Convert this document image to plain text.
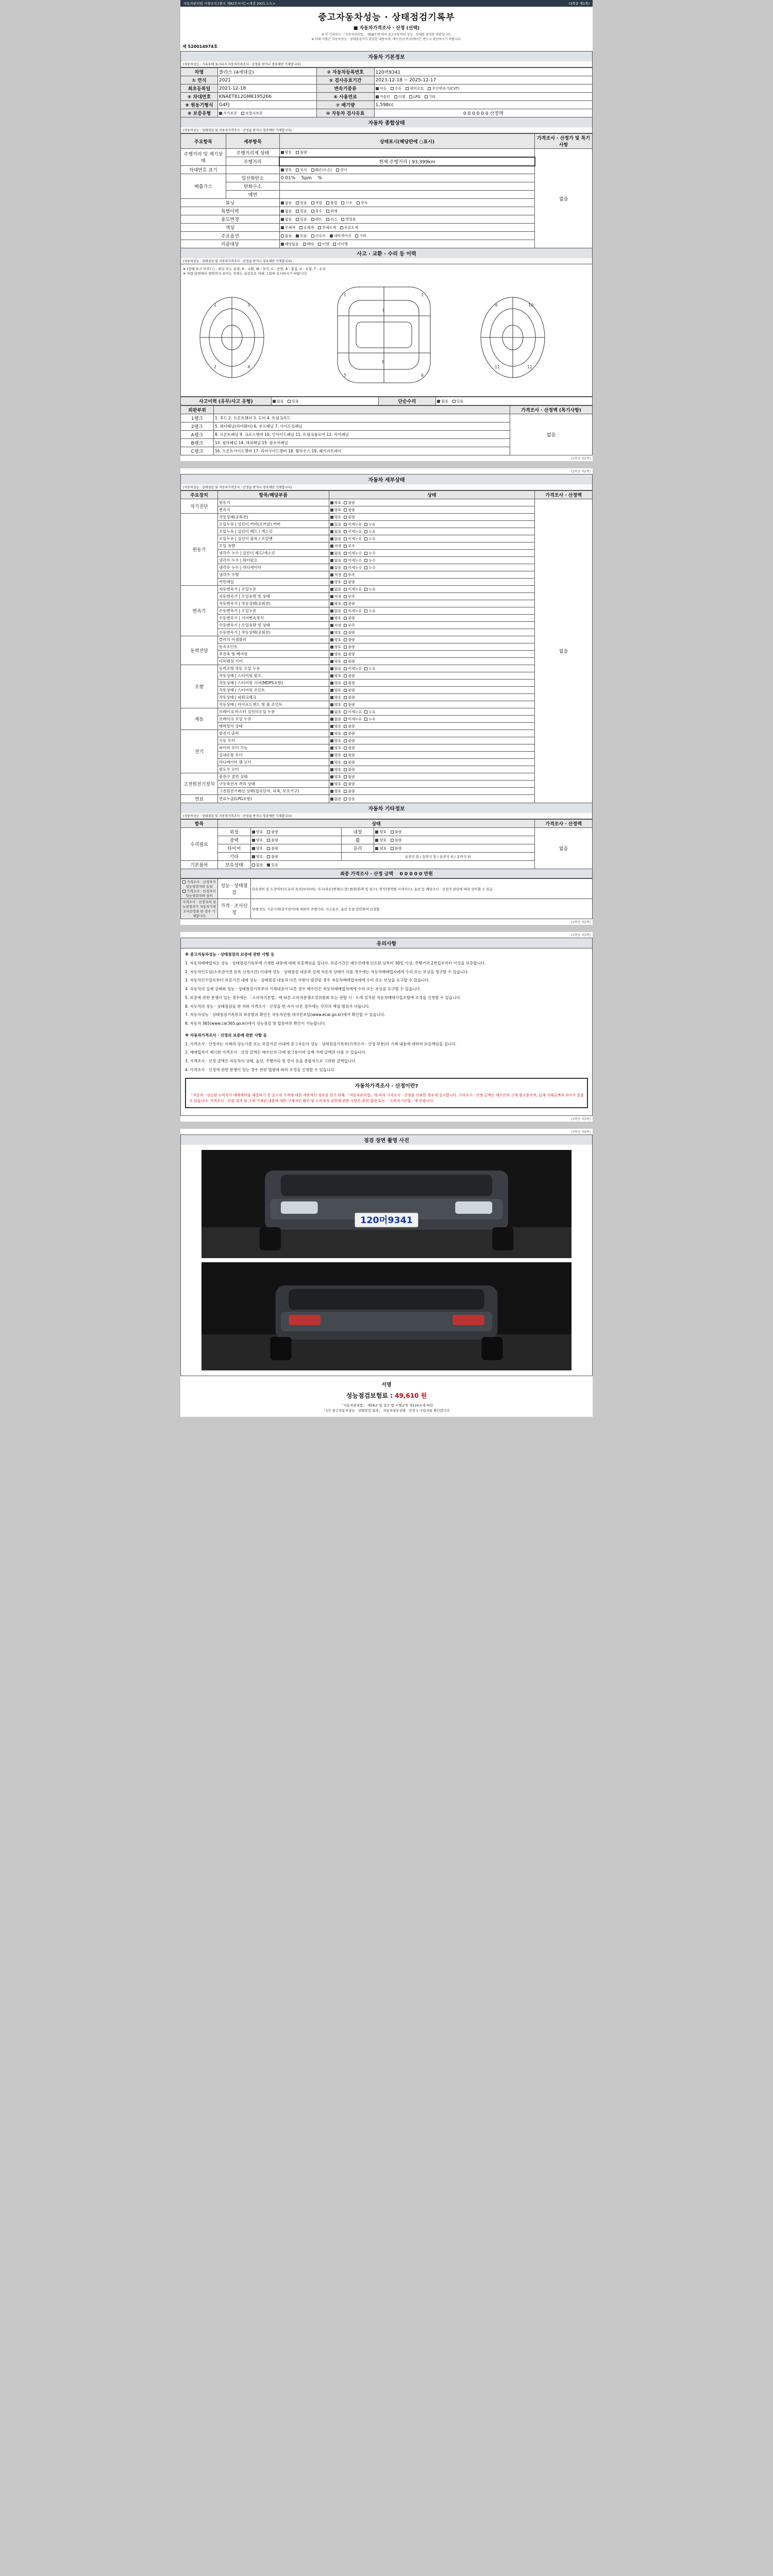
자동차관리법 시행규칙 [별지 제82호서식] <개정 2021.1.5.>	(3쪽중 제1쪽)
중고자동차성능 · 상태점검기록부
■ 자동차가격조사 · 산정 (선택)
※ 이 기록부는 「자동차관리법」 제58조에 따라 중고자동차의 성능 · 상태를 점검한 내용입니다.
※ 아래 사항은 자동차성능 · 상태점검자가 점검한 내용이며, 매수인(소비자)께서는 반드시 확인하시기 바랍니다.
제 520014974호
자동차 기본정보
(자동차성능 · 기록부에 표시되지 자동차가격조사 · 산정을 받거나 경우에만 기재합니다)
차명	쏠라스 (4세대급)	② 자동차등록번호	120머9341
① 연식	2021	⑤ 검사유효기간	2023-12-18 ~ 2025-12-17
최초등록일	2021-12-18	변속기종류	자동 수동 세미오토 무단변속기(CVT)
④ 차대번호	KNAET812GMK195266	⑥ 사용연료	가솔린 디젤 LPG 기타
⑧ 원동기형식	G4FJ	⑦ 배기량	1,598cc
⑨ 보증유형	자가보증 보험사보증	⑩ 자동차 검사유효	0 0 0 0 0 0 산정액
자동차 종합상태
(자동차성능 · 상태점검 및 자동차가격조사 · 산정을 받거나 경우에만 기재합니다)
주요항목	세부항목	상태표시(해당란에 ○표시)	가격조사 · 산정가 및 특기사항
주행거리 및 계기상태	주행거리계 상태	양호 불량	없음
	주행거리	현재 주행거리 | 93,399km	
차대번호 표기		양호 부식 훼손(오손) 상이	
배출가스	일산화탄소	0.01% 5pm    %	
	탄화수소		
	매연		
튜닝		없음 있음 적법 불법 구조 장치	
특별이력		없음 있음 침수 화재	
용도변경		없음 있음 렌트 리스 영업용	
색상		무채색 유채색 전체도색 부분도색	
주요옵션		없음 있음 서루프 내비게이션 기타	
리콜대상		해당없음 해당 이행 미이행	
사고 · 교환 · 수리 등 이력
(자동차성능 · 상태점검 및 자동차가격조사 · 산정을 받거나 경우에만 기재합니다)
※ (상태 표시 부호) ○ : 판금 또는 용접, X : 교환, W : 부식, C : 균열, A : 흠집, U : 요철, T : 손상
※ 차량 앞면에서 뒷면까지 보이는 부위는 실선으로 아래 그림에 표시하시기 바랍니다.
1	3
2	4
1	2
5	6
7
8
9	10
11	12
사고이력 (유무/사고 유형)	없음 있음	단순수리	없음 있음
외판부위		가격조사 · 산정액 (특기사항)
1랭크	1. 후드 2. 프론트팬더 3. 도어 4. 트렁크리드	없음
2랭크	5. 쿼터패널(리어펜더) 6. 루프패널 7. 사이드실패널	
A랭크	8. 프론트패널 9. 크로스멤버 10. 인사이드패널 11. 트렁크플로어 12. 리어패널	
B랭크	13. 필라패널 14. 대쉬패널 15. 플로어패널	
C랭크	16. 프론트사이드멤버 17. 리어사이드멤버 18. 휠하우스 19. 패키지트레이	
(3쪽중 제1쪽)
(3쪽중 제2쪽)
자동차 세부상태
(자동차성능 · 상태점검 및 자동차가격조사 · 산정을 받거나 경우에만 기재합니다)
주요장치	항목/해당부품	상태	가격조사 · 산정액
자기진단	원동기	양호 불량	없음
	변속기	양호 불량	
원동기	작동상태(공회전)	양호 불량	
	오일누유 | 실린더 커버(로커암) 커버	없음 미세누유 누유	
	오일누유 | 실린더 헤드 / 개스킷	없음 미세누유 누유	
	오일누유 | 실린더 블록 / 오일팬	없음 미세누유 누유	
	오일 유량	적정 부족	
	냉각수 누수 | 실린더 헤드/개스킷	없음 미세누수 누수	
	냉각수 누수 | 워터펌프	없음 미세누수 누수	
	냉각수 누수 | 라디에이터	없음 미세누수 누수	
	냉각수 수량	적정 부족	
	커먼레일	양호 불량	
변속기	자동변속기 | 오일누유	없음 미세누유 누유	
	자동변속기 | 오일유량 및 상태	적정 부족	
	자동변속기 | 작동상태(공회전)	양호 불량	
	수동변속기 | 오일누유	없음 미세누유 누유	
	수동변속기 | 기어변속장치	양호 불량	
	수동변속기 | 오일유량 및 상태	적정 부족	
	수동변속기 | 작동상태(공회전)	양호 불량	
동력전달	클러치 어셈블리	양호 불량	
	등속조인트	양호 불량	
	추진축 및 베어링	양호 불량	
	디퍼렌셜 기어	양호 불량	
조향	동력조향 작동 오일 누유	없음 미세누유 누유	
	작동상태 | 스티어링 펌프	양호 불량	
	작동상태 | 스티어링 기어(MDPS포함)	양호 불량	
	작동상태 | 스티어링 조인트	양호 불량	
	작동상태 | 파워크랭크	양호 불량	
	작동상태 | 타이로드엔드 및 볼 조인트	양호 불량	
제동	브레이크 마스터 실린더오일 누유	없음 미세누유 누유	
	브레이크 오일 누유	없음 미세누유 누유	
	배력장치 상태	양호 불량	
전기	발전기 출력	양호 불량	
	시동 모터	양호 불량	
	와이퍼 모터 기능	양호 불량	
	실내송풍 모터	양호 불량	
	라디에이터 팬 모터	양호 불량	
	윈도우 모터	양호 불량	
고전원전기장치	충전구 절연 상태	양호 불량	
	구동축전지 격리 상태	양호 불량	
	고전원전기배선 상태(접속단자, 피복, 보호기구)	양호 불량	
연료	연료누출(LPG포함)	없음 있음	
자동차 기타정보
(자동차성능 · 상태점검 및 자동차가격조사 · 산정을 받거나 경우에만 기재합니다)
항목	상태				가격조사 · 산정액
수리필요	외장	양호 불량	내장	양호 불량	없음
	광택	양호 불량	휠	양호 불량	
	타이어	양호 불량	유리	양호 불량	
	기타	양호 불량	운전석 앞 / 동반석 앞 / 운전석 뒤 / 동반석 뒤		
기본품목	보유상태	없음 있음			
최종 가격조사 · 산정 금액 0 0 0 0 0 만원
가격조사 · 산정자가 성능점검자와 동일
가격조사 · 산정자가 성능점검자와 상이	성능 · 상태점검	단순정비 및 도장여부(도료의 특성)부터(비), 사고(파손)변경(도장) 범위(화재 및 침수), 연식(연력별 시세지수), 옵션 등 해당조사 · 산정자 판단에 따라 상이할 수 있음
가격조사 · 산정자의 성능점검자가 자동차가격조사산정을 한 경우 기재합니다	가격 · 조사산정	당해 연도 기준가격(감가상각)에 대하여 주행거리, 사고유무, 옵션 등을 감안하여 산정함
(3쪽중 제2쪽)
(3쪽중 제3쪽)
유의사항

※ 중고자동차성능 · 상태점검의 보증에 관한 사항 등

1. 자동차매매업자는 성능 · 상태점검기록부에 기재한 내용에 대해 보증책임을 집니다. 보증기간은 매수인에게 인도된 날부터 30일 이상, 주행거리 2천킬로미터 이상을 보증합니다.

2. 자동차인도일(소유권이전 등록 신청기간) 이내에 성능 · 상태점검 내용과 실제 자동차 상태가 다를 경우에는 자동차매매업자에게 수리 또는 보상을 청구할 수 있습니다.

3. 자동차인수일로부터 보증기간 내에 성능 · 상태점검 내용과 다른 사항이 발견된 경우 자동차매매업자에게 수리 또는 보상을 요구할 수 있습니다.

4. 자동차의 실제 상태와 성능 · 상태점검기록부의 기재내용이 다른 경우 매수인은 자동차매매업자에게 수리 또는 보상을 요구할 수 있습니다.

5. 보증에 관한 분쟁이 있는 경우에는 「소비자기본법」에 따른 소비자분쟁조정위원회 또는 관할 시 · 도에 설치된 자동차매매사업조합에 조정을 신청할 수 있습니다.

6. 자동차의 성능 · 상태점검을 한 자와 가격조사 · 산정을 한 자가 다른 경우에는 각각의 책임 범위가 다릅니다.

7. 자동차성능 · 상태점검기록부의 보증범위 확인은 자동차민원 대국민포털(www.ecar.go.kr)에서 확인할 수 있습니다.

8. 자동차 365(www.car365.go.kr)에서 성능점검 및 압류여부 확인이 가능합니다.

※ 자동차가격조사 · 산정의 보증에 관한 사항 등

1. 가격조사 · 산정자는 이래의 성능기준 또는 보증기간 이내에 중고자동차 성능 · 상태점검기록부(가격조사 · 산정 부분)의 기재 내용에 대하여 보증책임을 집니다.

2. 매매업자가 제시한 가격조사 · 산정 금액은 매수인의 구매 참고용이며 실제 거래 금액과 다를 수 있습니다.

3. 가격조사 · 산정 금액은 자동차의 상태, 옵션, 주행거리 및 연식 등을 종합적으로 고려한 금액입니다.

4. 가격조사 · 산정에 관한 분쟁이 있는 경우 관련 법령에 따라 조정을 신청할 수 있습니다.

자동차가격조사 · 산정이란?
「자동차 · 성능판 소비자가 매매계약을 체결하기 전 중고차 가격에 대한 객관적인 정보를 얻기 위해 「자동차관리법」에 따라 가격조사 · 산정을 의뢰한 경우에 실시합니다. 가격조사 · 산정 금액은 매수인의 구매 참고용이며, 실제 거래금액과 차이가 있을 수 있습니다. 가격조사 · 산정 결과 및 그에 기재된 내용에 대한 구체적인 확인 및 소비자의 권한에 관한 사항은 관련 법령 또는 「소비자기본법」에 따릅니다.
(3쪽중 제3쪽)
(3쪽중 제4쪽)
점검 장면 촬영 사진
120머9341
서명
성능점검보험료 : 49,610 원
「자동차관리법」 제58조 및 같은 법 시행규칙 제120조에 따라
「1인 중고자동차성능 · 상태점검 결과」 자동차성능상태 · 산정 1 사업자를 확인합니다.
